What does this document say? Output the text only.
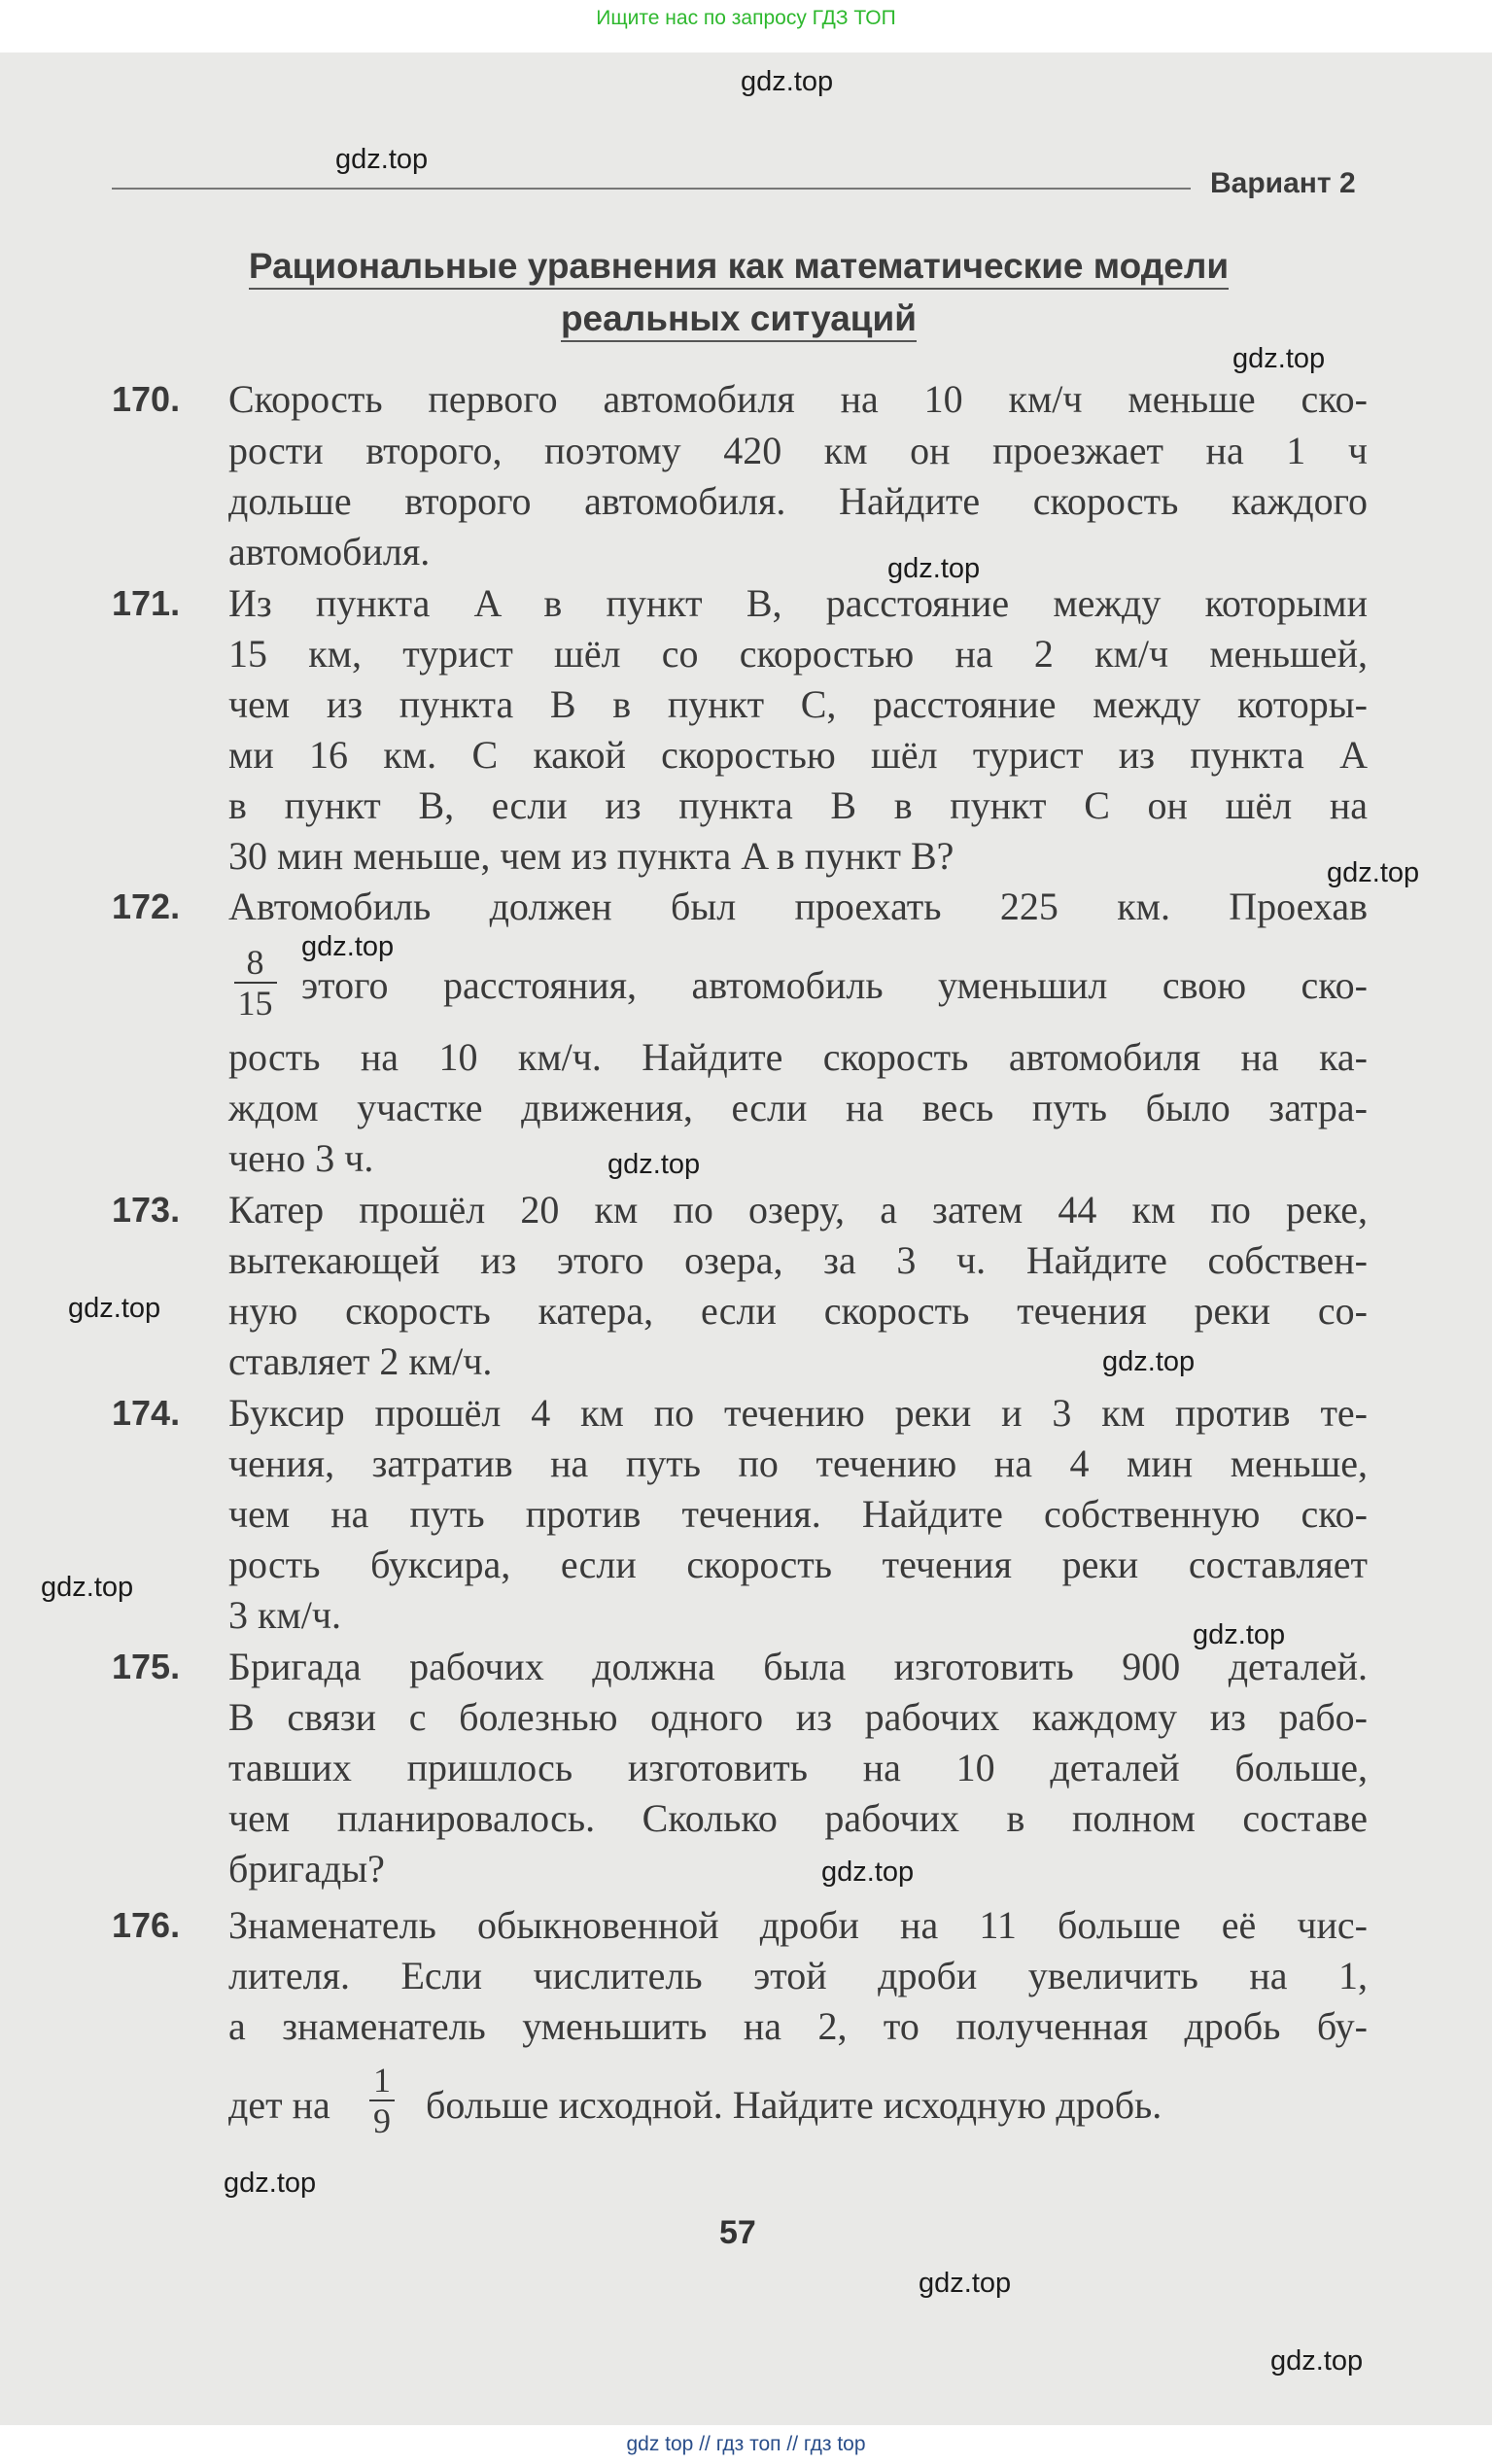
Ищите нас по запросу ГДЗ ТОП
Вариант 2
Рациональные уравнения как математические модели
реальных ситуаций
170. Скорость первого автомобиля на 10 км/ч меньше ско-
рости второго, поэтому 420 км он проезжает на 1 ч
дольше второго автомобиля. Найдите скорость каждого
автомобиля.
171. Из пункта A в пункт B, расстояние между которыми
15 км, турист шёл со скоростью на 2 км/ч меньшей,
чем из пункта B в пункт C, расстояние между которы-
ми 16 км. С какой скоростью шёл турист из пункта A
в пункт B, если из пункта B в пункт C он шёл на
30 мин меньше, чем из пункта A в пункт B?
172. Автомобиль должен был проехать 225 км. Проехав
$\frac{8}{15}$ этого расстояния, автомобиль уменьшил свою ско-
рость на 10 км/ч. Найдите скорость автомобиля на ка-
ждом участке движения, если на весь путь было затра-
чено 3 ч.
173. Катер прошёл 20 км по озеру, а затем 44 км по реке,
вытекающей из этого озера, за 3 ч. Найдите собствен-
ную скорость катера, если скорость течения реки со-
ставляет 2 км/ч.
174. Буксир прошёл 4 км по течению реки и 3 км против те-
чения, затратив на путь по течению на 4 мин меньше,
чем на путь против течения. Найдите собственную ско-
рость буксира, если скорость течения реки составляет
3 км/ч.
175. Бригада рабочих должна была изготовить 900 деталей.
В связи с болезнью одного из рабочих каждому из рабо-
тавших пришлось изготовить на 10 деталей больше,
чем планировалось. Сколько рабочих в полном составе
бригады?
176. Знаменатель обыкновенной дроби на 11 больше её чис-
лителя. Если числитель этой дроби увеличить на 1,
а знаменатель уменьшить на 2, то полученная дробь бу-
дет на	$\frac{1}{9}$ больше исходной. Найдите исходную дробь.
57
gdz.top
gdz.top
gdz.top
gdz.top
gdz.top
gdz.top
gdz.top
gdz.top
gdz.top
gdz.top
gdz.top
gdz.top
gdz.top
gdz.top
gdz.top
gdz top // гдз топ // гдз top
